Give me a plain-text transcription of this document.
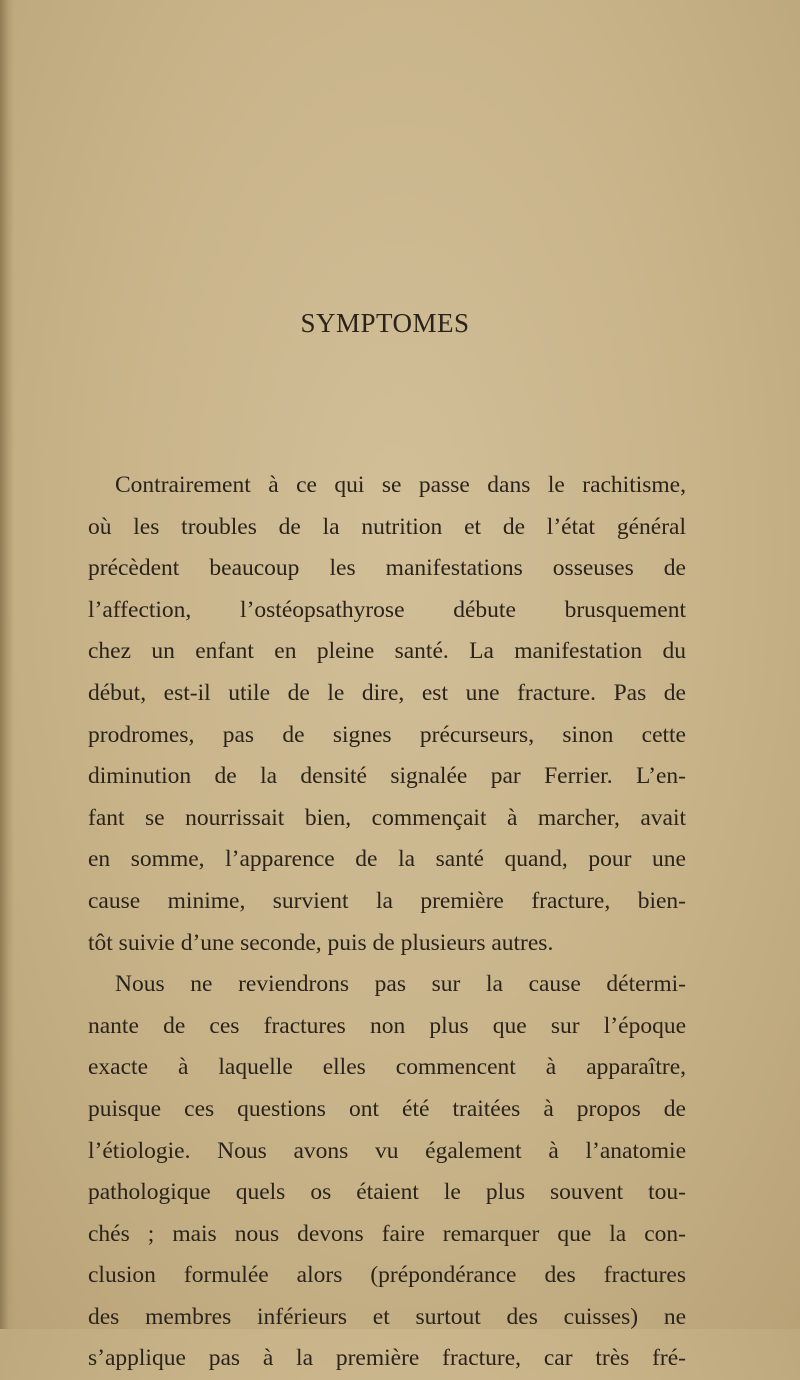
SYMPTOMES
Contrairement à ce qui se passe dans le rachitisme,
où les troubles de la nutrition et de l’état général
précèdent beaucoup les manifestations osseuses de
l’affection, l’ostéopsathyrose débute brusquement
chez un enfant en pleine santé. La manifestation du
début, est-il utile de le dire, est une fracture. Pas de
prodromes, pas de signes précurseurs, sinon cette
diminution de la densité signalée par Ferrier. L’en-
fant se nourrissait bien, commençait à marcher, avait
en somme, l’apparence de la santé quand, pour une
cause minime, survient la première fracture, bien-
tôt suivie d’une seconde, puis de plusieurs autres.
Nous ne reviendrons pas sur la cause détermi-
nante de ces fractures non plus que sur l’époque
exacte à laquelle elles commencent à apparaître,
puisque ces questions ont été traitées à propos de
l’étiologie. Nous avons vu également à l’anatomie
pathologique quels os étaient le plus souvent tou-
chés ; mais nous devons faire remarquer que la con-
clusion formulée alors (prépondérance des fractures
des membres inférieurs et surtout des cuisses) ne
s’applique pas à la première fracture, car très fré-
